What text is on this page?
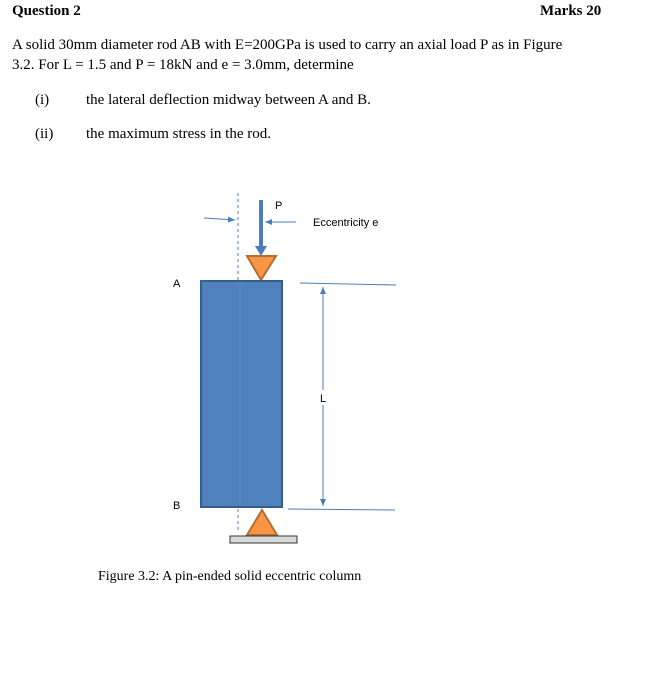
Question 2	Marks 20
A solid 30mm diameter rod AB with E=200GPa is used to carry an axial load P as in Figure
3.2. For L = 1.5 and P = 18kN and e = 3.0mm, determine
(i) the lateral deflection midway between A and B.
(ii) the maximum stress in the rod.
P
Eccentricity e
A
B
L
Figure 3.2: A pin-ended solid eccentric column
